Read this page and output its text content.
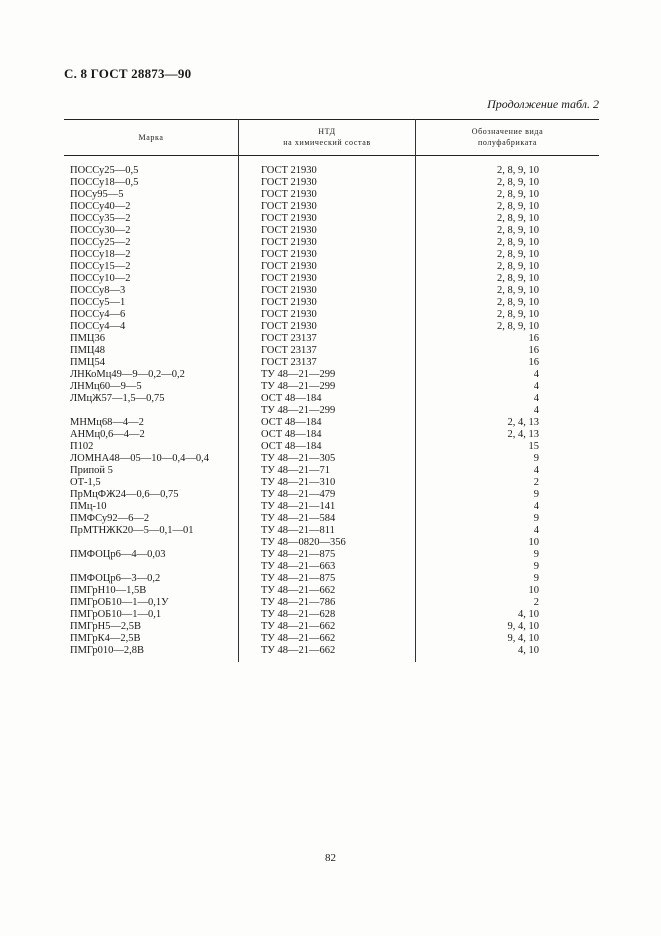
С. 8 ГОСТ 28873—90
Продолжение табл. 2
Марка
НТД
на химический состав
Обозначение вида
полуфабриката
ПОССу25—0,5	ГОСТ 21930	2, 8, 9, 10
ПОССу18—0,5	ГОСТ 21930	2, 8, 9, 10
ПОСу95—5	ГОСТ 21930	2, 8, 9, 10
ПОССу40—2	ГОСТ 21930	2, 8, 9, 10
ПОССу35—2	ГОСТ 21930	2, 8, 9, 10
ПОССу30—2	ГОСТ 21930	2, 8, 9, 10
ПОССу25—2	ГОСТ 21930	2, 8, 9, 10
ПОССу18—2	ГОСТ 21930	2, 8, 9, 10
ПОССу15—2	ГОСТ 21930	2, 8, 9, 10
ПОССу10—2	ГОСТ 21930	2, 8, 9, 10
ПОССу8—3	ГОСТ 21930	2, 8, 9, 10
ПОССу5—1	ГОСТ 21930	2, 8, 9, 10
ПОССу4—6	ГОСТ 21930	2, 8, 9, 10
ПОССу4—4	ГОСТ 21930	2, 8, 9, 10
ПМЦ36	ГОСТ 23137	16
ПМЦ48	ГОСТ 23137	16
ПМЦ54	ГОСТ 23137	16
ЛНКоМц49—9—0,2—0,2	ТУ 48—21—299	4
ЛНМц60—9—5	ТУ 48—21—299	4
ЛМцЖ57—1,5—0,75	ОСТ 48—184	4
ТУ 48—21—299	4
МНМц68—4—2	ОСТ 48—184	2, 4, 13
АНМц0,6—4—2	ОСТ 48—184	2, 4, 13
П102	ОСТ 48—184	15
ЛОМНА48—05—10—0,4—0,4	ТУ 48—21—305	9
Припой 5	ТУ 48—21—71	4
ОТ-1,5	ТУ 48—21—310	2
ПрМцФЖ24—0,6—0,75	ТУ 48—21—479	9
ПМц-10	ТУ 48—21—141	4
ПМФСу92—6—2	ТУ 48—21—584	9
ПрМТНЖК20—5—0,1—01	ТУ 48—21—811	4
ТУ 48—0820—356	10
ПМФОЦр6—4—0,03	ТУ 48—21—875	9
ТУ 48—21—663	9
ПМФОЦр6—3—0,2	ТУ 48—21—875	9
ПМГрН10—1,5В	ТУ 48—21—662	10
ПМГрОБ10—1—0,1У	ТУ 48—21—786	2
ПМГрОБ10—1—0,1	ТУ 48—21—628	4, 10
ПМГрН5—2,5В	ТУ 48—21—662	9, 4, 10
ПМГрК4—2,5В	ТУ 48—21—662	9, 4, 10
ПМГр010—2,8В	ТУ 48—21—662	4, 10
82
